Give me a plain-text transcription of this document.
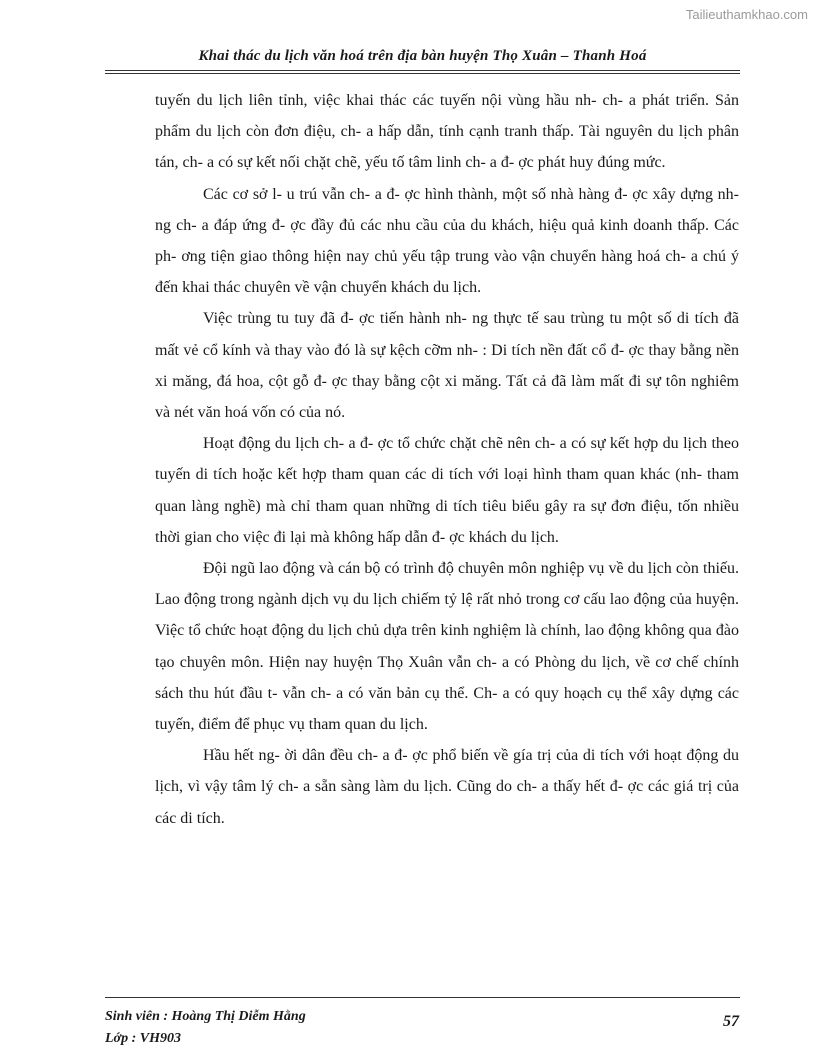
Tailieuthamkhao.com
Khai thác du lịch văn hoá trên địa bàn huyện Thọ Xuân – Thanh Hoá

tuyến du lịch liên tỉnh, việc khai thác các tuyến nội vùng hầu nh- ch- a phát triển. Sản phẩm du lịch còn đơn điệu, ch- a hấp dẫn, tính cạnh tranh thấp. Tài nguyên du lịch phân tán, ch- a có sự kết nối chặt chẽ, yếu tố tâm linh ch- a đ- ợc phát huy đúng mức.

Các cơ sở l- u trú vẫn ch- a đ- ợc hình thành, một số nhà hàng đ- ợc xây dựng nh- ng ch- a đáp ứng đ- ợc đầy đủ các nhu cầu của du khách, hiệu quả kinh doanh thấp. Các ph- ơng tiện giao thông hiện nay chủ yếu tập trung vào vận chuyển hàng hoá ch- a chú ý đến khai thác chuyên về vận chuyển khách du lịch.

Việc trùng tu tuy đã đ- ợc tiến hành nh- ng thực tế sau trùng tu một số di tích đã mất vẻ cổ kính và thay vào đó là sự kệch cỡm nh- : Di tích nền đất cổ đ- ợc thay bằng nền xi măng, đá hoa, cột gỗ đ- ợc thay bằng cột xi măng. Tất cả đã làm mất đi sự tôn nghiêm và nét văn hoá vốn có của nó.

Hoạt động du lịch ch- a đ- ợc tổ chức chặt chẽ nên ch- a có sự kết hợp du lịch theo tuyến di tích hoặc kết hợp tham quan các di tích với loại hình tham quan khác (nh- tham quan làng nghề) mà chỉ tham quan những di tích tiêu biểu gây ra sự đơn điệu, tốn nhiều thời gian cho việc đi lại mà không hấp dẫn đ- ợc khách du lịch.

Đội ngũ lao động và cán bộ có trình độ chuyên môn nghiệp vụ về du lịch còn thiếu. Lao động trong ngành dịch vụ du lịch chiếm tỷ lệ rất nhỏ trong cơ cấu lao động của huyện. Việc tổ chức hoạt động du lịch chủ dựa trên kinh nghiệm là chính, lao động không qua đào tạo chuyên môn. Hiện nay huyện Thọ Xuân vẫn ch- a có Phòng du lịch, về cơ chế chính sách thu hút đầu t- vẫn ch- a có văn bản cụ thể. Ch- a có quy hoạch cụ thể xây dựng các tuyến, điểm để phục vụ tham quan du lịch.

Hầu hết ng- ời dân đều ch- a đ- ợc phổ biến về gía trị của di tích với hoạt động du lịch, vì vậy tâm lý ch- a sẵn sàng làm du lịch. Cũng do ch- a thấy hết đ- ợc các giá trị của các di tích.

Sinh viên : Hoàng Thị Diễm Hằng
Lớp : VH903
57
